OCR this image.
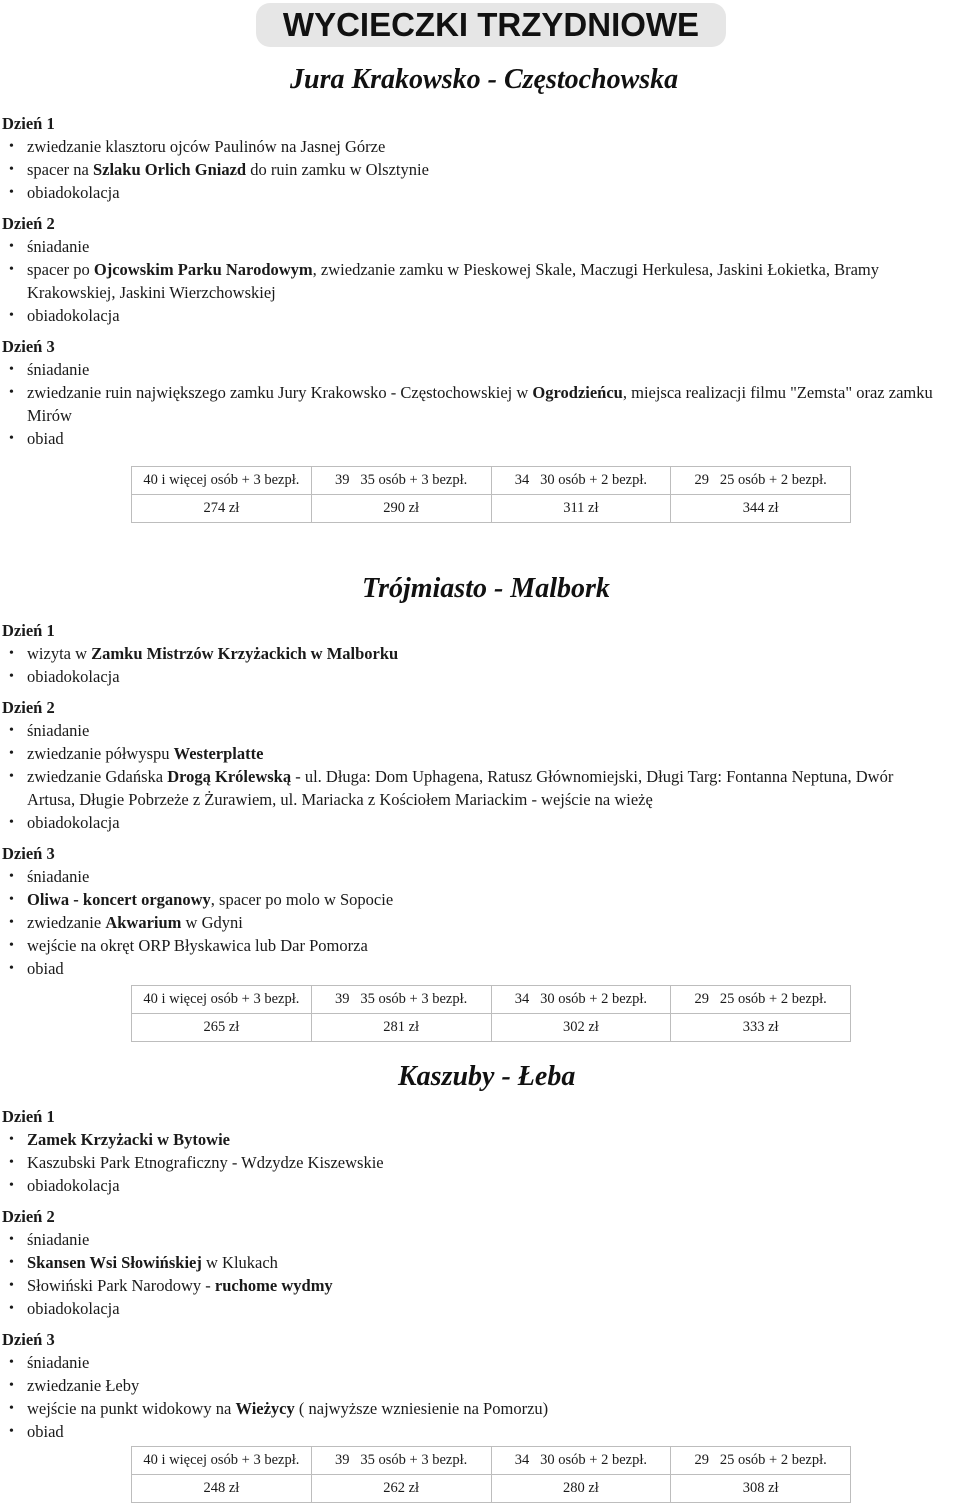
WYCIECZKI TRZYDNIOWE
Jura Krakowsko - Częstochowska
Dzień 1
• zwiedzanie klasztoru ojców Paulinów na Jasnej Górze
• spacer na Szlaku Orlich Gniazd do ruin zamku w Olsztynie
• obiadokolacja
Dzień 2
• śniadanie
• spacer po Ojcowskim Parku Narodowym, zwiedzanie zamku w Pieskowej Skale, Maczugi Herkulesa, Jaskini Łokietka, Bramy Krakowskiej, Jaskini Wierzchowskiej
• obiadokolacja
Dzień 3
• śniadanie
• zwiedzanie ruin największego zamku Jury Krakowsko - Częstochowskiej w Ogrodzieńcu, miejsca realizacji filmu "Zemsta" oraz zamku Mirów
• obiad
40 i więcej osób + 3 bezpł.	39   35 osób + 3 bezpł.	34   30 osób + 2 bezpł.	29   25 osób + 2 bezpł.
274 zł	290 zł	311 zł	344 zł
Trójmiasto - Malbork
Dzień 1
• wizyta w Zamku Mistrzów Krzyżackich w Malborku
• obiadokolacja
Dzień 2
• śniadanie
• zwiedzanie półwyspu Westerplatte
• zwiedzanie Gdańska Drogą Królewską - ul. Długa: Dom Uphagena, Ratusz Głównomiejski, Długi Targ: Fontanna Neptuna, Dwór Artusa, Długie Pobrzeże z Żurawiem, ul. Mariacka z Kościołem Mariackim - wejście na wieżę
• obiadokolacja
Dzień 3
• śniadanie
• Oliwa - koncert organowy, spacer po molo w Sopocie
• zwiedzanie Akwarium w Gdyni
• wejście na okręt ORP Błyskawica lub Dar Pomorza
• obiad
40 i więcej osób + 3 bezpł.	39   35 osób + 3 bezpł.	34   30 osób + 2 bezpł.	29   25 osób + 2 bezpł.
265 zł	281 zł	302 zł	333 zł
Kaszuby - Łeba
Dzień 1
• Zamek Krzyżacki w Bytowie
• Kaszubski Park Etnograficzny - Wdzydze Kiszewskie
• obiadokolacja
Dzień 2
• śniadanie
• Skansen Wsi Słowińskiej w Klukach
• Słowiński Park Narodowy - ruchome wydmy
• obiadokolacja
Dzień 3
• śniadanie
• zwiedzanie Łeby
• wejście na punkt widokowy na Wieżycy ( najwyższe wzniesienie na Pomorzu)
• obiad
40 i więcej osób + 3 bezpł.	39   35 osób + 3 bezpł.	34   30 osób + 2 bezpł.	29   25 osób + 2 bezpł.
248 zł	262 zł	280 zł	308 zł
